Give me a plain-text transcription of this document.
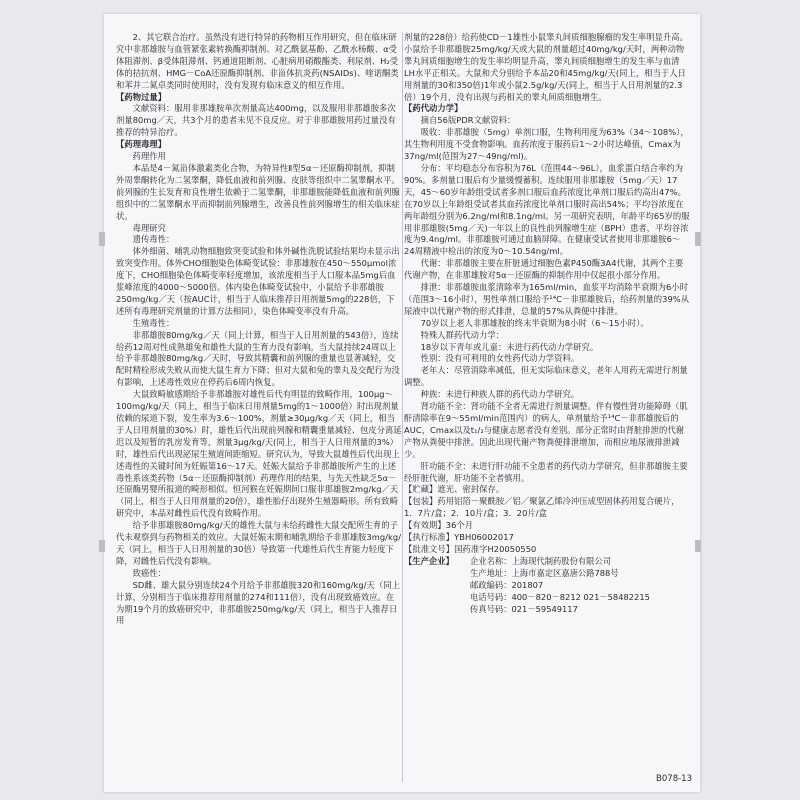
2、其它联合治疗。虽然没有进行特异的药物相互作用研究，但在临床研究中非那雄胺与血管紧张素转换酶抑制剂、对乙酰氨基酚、乙酰水杨酸、α受体阻滞剂、β受体阻滞剂、钙通道阻断剂、心脏病用硝酸酯类、利尿剂、H₂受体的拮抗剂、HMG－CoA还原酶抑制剂、非甾体抗炎药(NSAIDs)、喹诺酮类和苯并二氮卓类同时使用时，没有发现有临床意义的相互作用。

【药物过量】

文献资料：服用非那雄胺单次剂量高达400mg，以及服用非那雄胺多次剂量80mg／天，共3个月的患者未见不良反应。对于非那雄胺用药过量没有推荐的特异治疗。

【药理毒理】

药理作用

本品是4－氮甾体激素类化合物，为特异性Ⅱ型5α－还原酶抑制剂，抑制外周睾酮转化为二氢睾酮，降低血液和前列腺、皮肤等组织中二氢睾酮水平。前列腺的生长发育和良性增生依赖于二氢睾酮，非那雄胺能降低血液和前列腺组织中的二氢睾酮水平而抑制前列腺增生，改善良性前列腺增生的相关临床症状。

毒理研究

遗传毒性：

体外细菌、哺乳动物细胞致突变试验和体外碱性洗脱试验结果均未显示出致突变作用。体外CHO细胞染色体畸变试验：非那雄胺在450～550μmol浓度下，CHO细胞染色体畸变率轻度增加，该浓度相当于人口服本品5mg后血浆峰浓度的4000～5000倍。体内染色体畸变试验中，小鼠给予非那雄胺250mg/kg／天（按AUC计，相当于人临床推荐日用剂量5mg的228倍，下述所有毒理研究剂量的计算方法相同），染色体畸变率没有升高。

生殖毒性：

非那雄胺80mg/kg／天（同上计算，相当于人日用剂量的543倍），连续给药12周对性成熟雄兔和雄性大鼠的生育力没有影响。当大鼠持续24周以上给予非那雄胺80mg/kg／天时，导致其精囊和前列腺的重量也显著减轻，交配时精栓形成失败从而使大鼠生育力下降；但对大鼠和兔的睾丸及交配行为没有影响，上述毒性效应在停药后6周内恢复。

大鼠致畸敏感期给予非那雄胺对雄性后代有明显的致畸作用，100μg～100mg/kg/天（同上，相当于临床日用剂量5mg的1～1000倍）时出现剂量依赖的尿道下裂，发生率为3.6～100%，剂量≥30μg/kg／天（同上，相当于人日用剂量的30%）时，雄性后代出现前列腺和精囊重量减轻、包皮分离延迟以及短暂的乳房发育等，剂量3μg/kg/天(同上，相当于人日用剂量的3%）时，雄性后代出现泌尿生殖道间距缩短。研究认为，导致大鼠雄性后代出现上述毒性的关键时间为妊娠第16～17天。妊娠大鼠给予非那雄胺所产生的上述毒性系该类药物（5α－还原酶抑制剂）药理作用的结果，与先天性缺乏5α－还原酶男婴所报道的畸形相似。恒河猴在妊娠期间口服非那雄胺2mg/kg／天（同上，相当于人日用剂量的20倍），雄性胎仔出现外生殖器畸形。所有致畸研究中，本品对雌性后代没有致畸作用。

给予非那雄胺80mg/kg/天的雄性大鼠与未给药雌性大鼠交配所生育的子代未观察到与药物相关的效应。大鼠妊娠末期和哺乳期给予非那雄胺3mg/kg/天（同上，相当于人日用剂量的30倍）导致第一代雄性后代生育能力轻度下降，对雌性后代没有影响。

致癌性：

SD雌、雄大鼠分别连续24个月给予非那雄胺320和160mg/kg/天（同上计算，分别相当于临床推荐用剂量的274和111倍），没有出现致癌效应。在为期19个月的致癌研究中，非那雄胺250mg/kg/天（同上，相当于人推荐日用

剂量的228倍）给药使CD－1雄性小鼠睾丸间质细胞腺瘤的发生率明显升高。小鼠给予非那雄胺25mg/kg/天或大鼠的剂量超过40mg/kg/天时，两种动物睾丸间质细胞增生的发生率均明显升高，睾丸间质细胞增生的发生率与血清LH水平正相关。大鼠和犬分别给予本品20和45mg/kg/天(同上，相当于人日用剂量的30和350倍)1年或小鼠2.5g/kg/天(同上，相当于人日用剂量的2.3倍）19个月，没有出现与药相关的睾丸间质细胞增生。

【药代动力学】

摘自56版PDR文献资料：

吸收：非那雄胺（5mg）单剂口服，生物利用度为63%（34～108%），其生物利用度不受食物影响。血药浓度于服药后1～2小时达峰值，Cmax为37ng/ml(范围为27～49ng/ml)。

分布：平均稳态分布容积为76L（范围44～96L），血浆蛋白结合率约为90%。多剂量口服后有少量缓慢蓄积。连续服用非那雄胺（5mg／天）17天，45～60岁年龄组受试者多剂口服后血药浓度比单剂口服后约高出47%。在70岁以上年龄组受试者其血药浓度比单剂口服时高出54%；平均谷浓度在两年龄组分别为6.2ng/ml和8.1ng/ml。另一项研究表明，年龄平均65岁的服用非那雄胺(5mg／天)一年以上的良性前列腺增生症（BPH）患者，平均谷浓度为9.4ng/ml。非那雄胺可通过血脑屏障。在健康受试者使用非那雄胺6～24周精液中检出的浓度为0～10.54ng/ml。

代谢：非那雄胺主要在肝脏通过细胞色素P450酶3A4代谢，其两个主要代谢产物，在非那雄胺对5α－还原酶的抑制作用中仅起很小部分作用。

排泄：非那雄胺血浆清除率为165ml/min，血浆平均消除半衰期为6小时（范围3～16小时），男性单剂口服给予¹⁴C－非那雄胺后，给药剂量的39%从尿液中以代谢产物的形式排泄，总量的57%从粪便中排泄。

70岁以上老人非那雄胺的终末半衰期为8小时（6～15小时）。

特殊人群药代动力学：

18岁以下青年或儿童：未进行药代动力学研究。

性别：没有可利用的女性药代动力学资料。

老年人：尽管消除率减低，但无实际临床意义，老年人用药无需进行剂量调整。

种族：未进行种族人群的药代动力学研究。

肾功能不全：肾功能不全者无需进行剂量调整。伴有慢性肾功能障碍（肌酐清除率在9～55ml/min范围内）的病人，单剂量给予¹⁴C－非那雄胺后的AUC，Cmax以及t₁/₂与健康志愿者没有差别。部分正常时由肾脏排泄的代谢产物从粪便中排泄。因此出现代谢产物粪便排泄增加，而相应地尿液排泄减少。

肝功能不全：未进行肝功能不全患者的药代动力学研究，但非那雄胺主要经肝脏代谢，肝功能不全者慎用。

【贮藏】遮光、密封保存。

【包装】药用铝箔－聚酰胺／铝／聚氯乙烯冷冲压成型固体药用复合硬片，1．7片/盒；2．10片/盒；3．20片/盒

【有效期】36个月

【执行标准】YBH06002017

【批准文号】国药准字H20050550

【生产企业】	企业名称：上海现代制药股份有限公司
	生产地址：上海市嘉定区嘉唐公路788号
	邮政编码：201807
	电话号码：400－820－8212 021－58482215
	传真号码：021－59549117
B078-13
